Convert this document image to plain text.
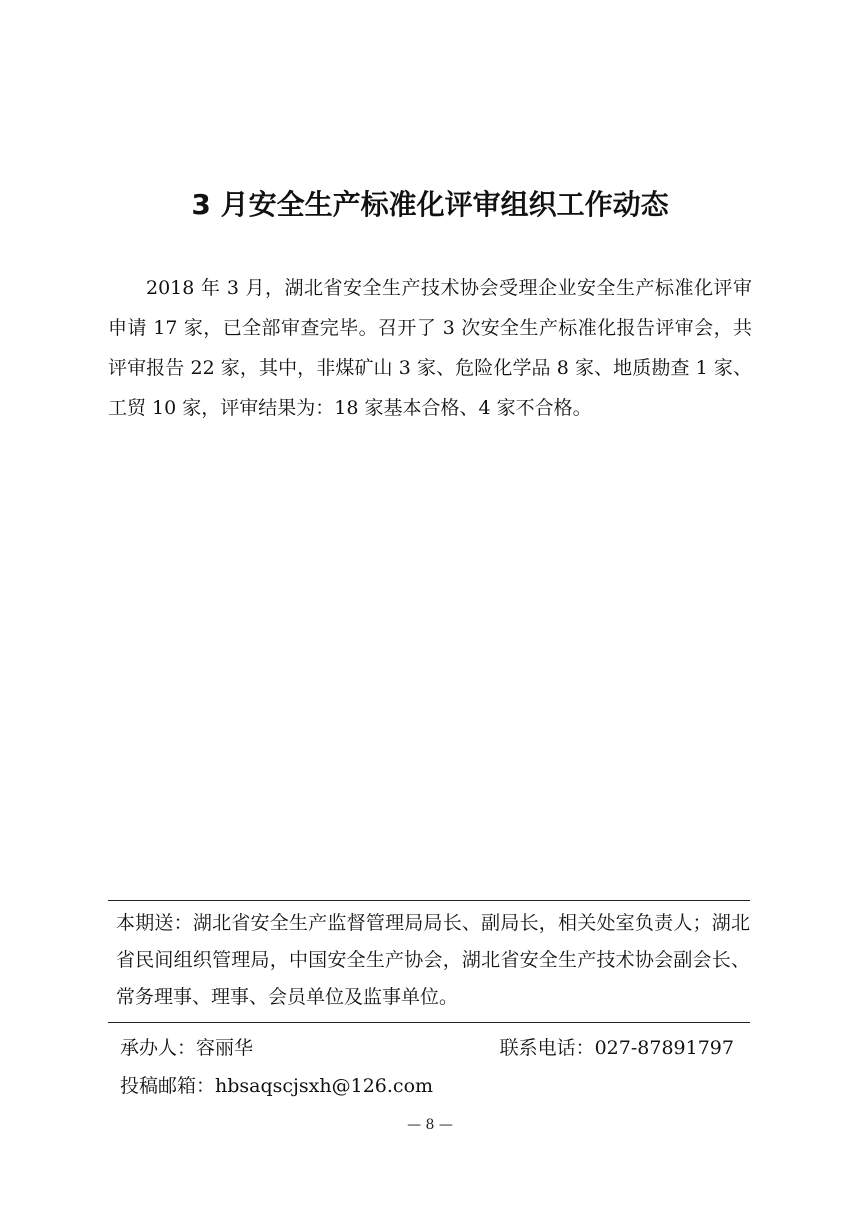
3 月安全生产标准化评审组织工作动态

2018 年 3 月，湖北省安全生产技术协会受理企业安全生产标准化评审申请 17 家，已全部审查完毕。召开了 3 次安全生产标准化报告评审会，共评审报告 22 家，其中，非煤矿山 3 家、危险化学品 8 家、地质勘查 1 家、工贸 10 家，评审结果为：18 家基本合格、4 家不合格。

本期送：湖北省安全生产监督管理局局长、副局长，相关处室负责人；湖北省民间组织管理局，中国安全生产协会，湖北省安全生产技术协会副会长、常务理事、理事、会员单位及监事单位。

承办人：容丽华	联系电话：027-87891797
投稿邮箱：hbsaqscjsxh@126.com
— 8 —
